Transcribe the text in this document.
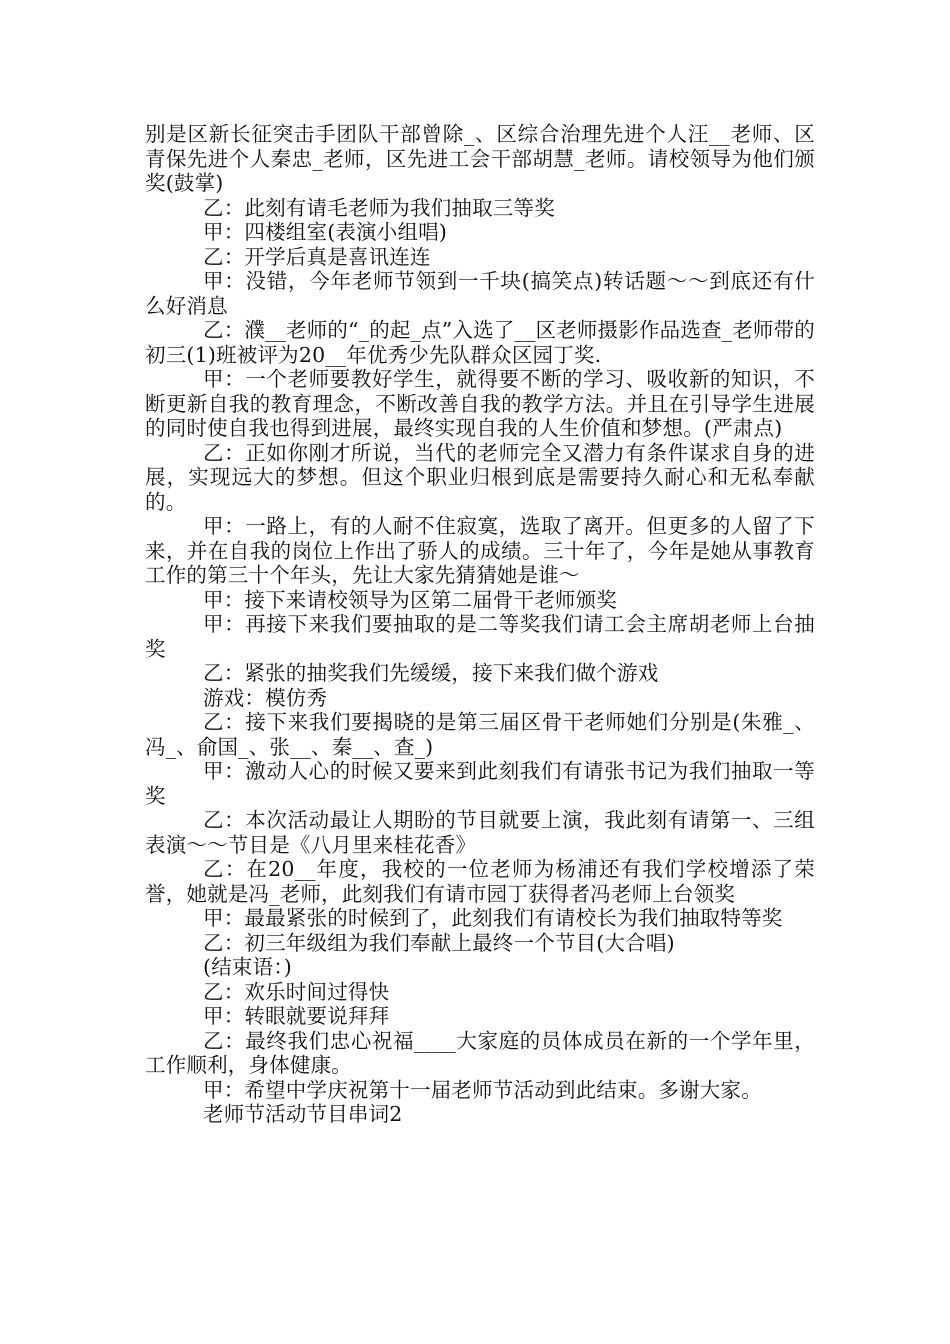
别是区新长征突击手团队干部曾除_、区综合治理先进个人汪__老师、区青保先进个人秦忠_老师，区先进工会干部胡慧_老师。请校领导为他们颁奖(鼓掌)

乙：此刻有请毛老师为我们抽取三等奖

甲：四楼组室(表演小组唱)

乙：开学后真是喜讯连连

甲：没错，今年老师节领到一千块(搞笑点)转话题～～到底还有什么好消息

乙：濮__老师的“_的起_点”入选了__区老师摄影作品选查_老师带的初三(1)班被评为20__年优秀少先队群众区园丁奖.

甲：一个老师要教好学生，就得要不断的学习、吸收新的知识，不断更新自我的教育理念，不断改善自我的教学方法。并且在引导学生进展的同时使自我也得到进展，最终实现自我的人生价值和梦想。(严肃点)

乙：正如你刚才所说，当代的老师完全又潜力有条件谋求自身的进展，实现远大的梦想。但这个职业归根到底是需要持久耐心和无私奉献的。

甲：一路上，有的人耐不住寂寞，选取了离开。但更多的人留了下来，并在自我的岗位上作出了骄人的成绩。三十年了，今年是她从事教育工作的第三十个年头，先让大家先猜猜她是谁～

甲：接下来请校领导为区第二届骨干老师颁奖

甲：再接下来我们要抽取的是二等奖我们请工会主席胡老师上台抽奖

乙：紧张的抽奖我们先缓缓，接下来我们做个游戏

游戏：模仿秀

乙：接下来我们要揭晓的是第三届区骨干老师她们分别是(朱雅_、冯_、俞国_、张__、秦__、查_)

甲：激动人心的时候又要来到此刻我们有请张书记为我们抽取一等奖

乙：本次活动最让人期盼的节目就要上演，我此刻有请第一、三组表演～～节目是《八月里来桂花香》

乙：在20__年度，我校的一位老师为杨浦还有我们学校增添了荣誉，她就是冯_老师，此刻我们有请市园丁获得者冯老师上台领奖

甲：最最紧张的时候到了，此刻我们有请校长为我们抽取特等奖

乙：初三年级组为我们奉献上最终一个节目(大合唱)

(结束语：)

乙：欢乐时间过得快

甲：转眼就要说拜拜

乙：最终我们忠心祝福____大家庭的员体成员在新的一个学年里，工作顺利，身体健康。

甲：希望中学庆祝第十一届老师节活动到此结束。多谢大家。

老师节活动节目串词2
